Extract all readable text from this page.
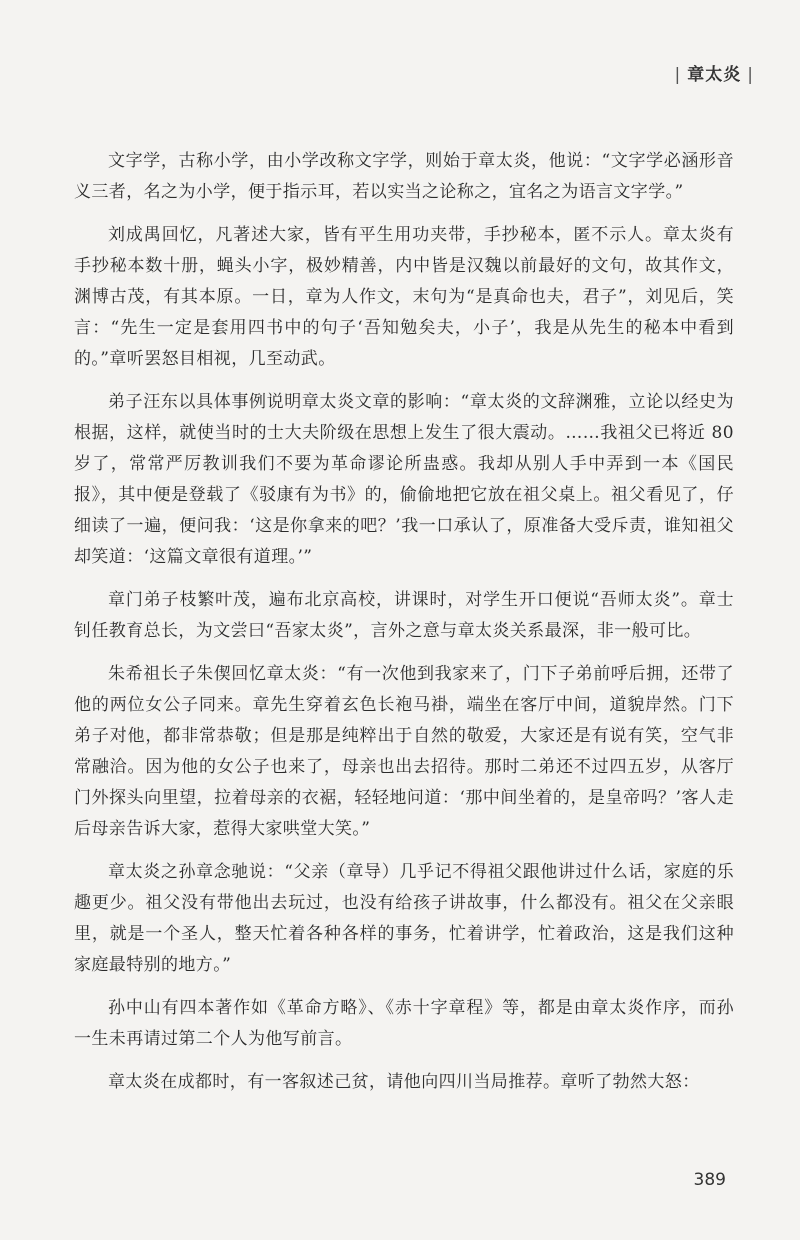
| 章太炎 |

文字学，古称小学，由小学改称文字学，则始于章太炎，他说：“文字学必涵形音义三者，名之为小学，便于指示耳，若以实当之论称之，宜名之为语言文字学。”

刘成禺回忆，凡著述大家，皆有平生用功夹带，手抄秘本，匿不示人。章太炎有手抄秘本数十册，蝇头小字，极妙精善，内中皆是汉魏以前最好的文句，故其作文，渊博古茂，有其本原。一日，章为人作文，末句为“是真命也夫，君子”，刘见后，笑言：“先生一定是套用四书中的句子‘吾知勉矣夫，小子’，我是从先生的秘本中看到的。”章听罢怒目相视，几至动武。

弟子汪东以具体事例说明章太炎文章的影响：“章太炎的文辞渊雅，立论以经史为根据，这样，就使当时的士大夫阶级在思想上发生了很大震动。……我祖父已将近 80 岁了，常常严厉教训我们不要为革命谬论所蛊惑。我却从别人手中弄到一本《国民报》，其中便是登载了《驳康有为书》的，偷偷地把它放在祖父桌上。祖父看见了，仔细读了一遍，便问我：‘这是你拿来的吧？’我一口承认了，原准备大受斥责，谁知祖父却笑道：‘这篇文章很有道理。’”

章门弟子枝繁叶茂，遍布北京高校，讲课时，对学生开口便说“吾师太炎”。章士钊任教育总长，为文尝曰“吾家太炎”，言外之意与章太炎关系最深，非一般可比。

朱希祖长子朱偰回忆章太炎：“有一次他到我家来了，门下子弟前呼后拥，还带了他的两位女公子同来。章先生穿着玄色长袍马褂，端坐在客厅中间，道貌岸然。门下弟子对他，都非常恭敬；但是那是纯粹出于自然的敬爱，大家还是有说有笑，空气非常融洽。因为他的女公子也来了，母亲也出去招待。那时二弟还不过四五岁，从客厅门外探头向里望，拉着母亲的衣裾，轻轻地问道：‘那中间坐着的，是皇帝吗？’客人走后母亲告诉大家，惹得大家哄堂大笑。”

章太炎之孙章念驰说：“父亲（章导）几乎记不得祖父跟他讲过什么话，家庭的乐趣更少。祖父没有带他出去玩过，也没有给孩子讲故事，什么都没有。祖父在父亲眼里，就是一个圣人，整天忙着各种各样的事务，忙着讲学，忙着政治，这是我们这种家庭最特别的地方。”

孙中山有四本著作如《革命方略》、《赤十字章程》等，都是由章太炎作序，而孙一生未再请过第二个人为他写前言。

章太炎在成都时，有一客叙述己贫，请他向四川当局推荐。章听了勃然大怒：

389
